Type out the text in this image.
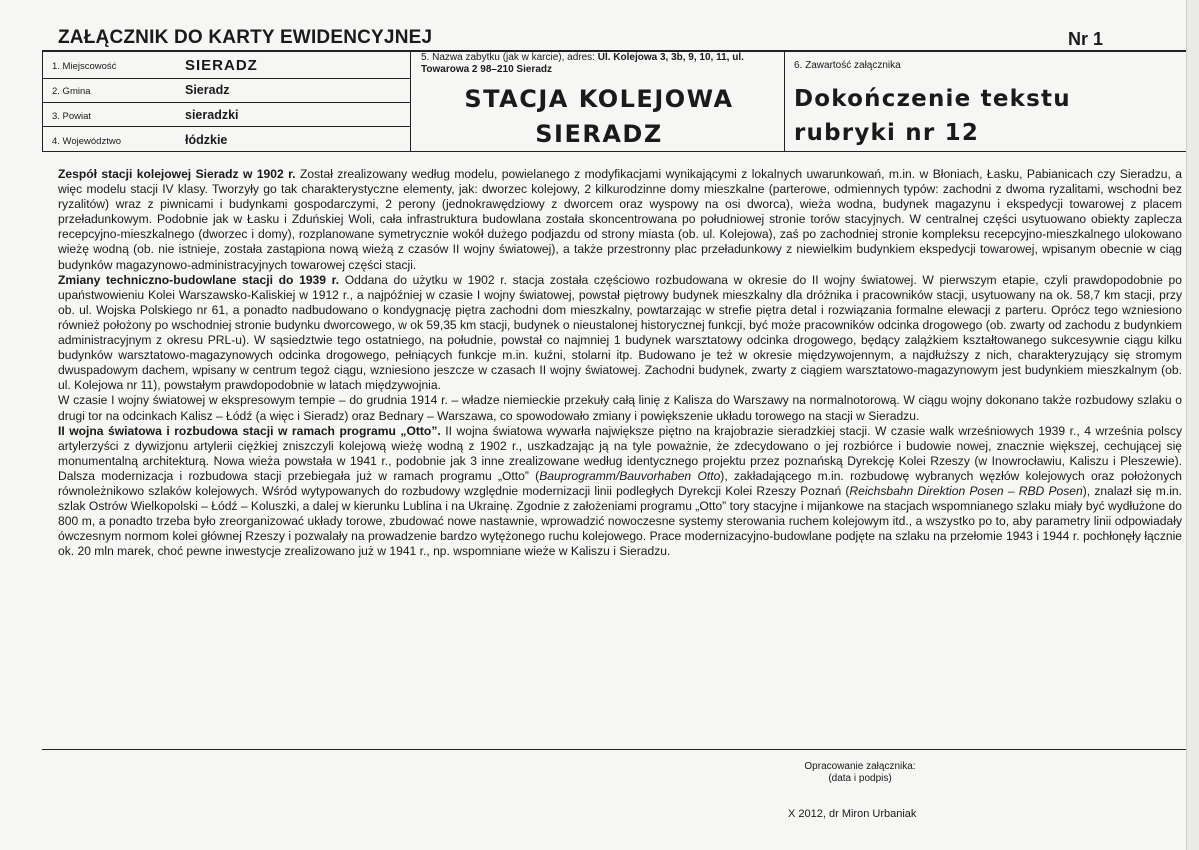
ZAŁĄCZNIK DO KARTY EWIDENCYJNEJ	Nr 1
1. Miejscowość	SIERADZ
2. Gmina	Sieradz
3. Powiat	sieradzki
4. Województwo	łódzkie
5. Nazwa zabytku (jak w karcie), adres: Ul. Kolejowa 3, 3b, 9, 10, 11, ul. Towarowa 2 98–210 Sieradz
STACJA KOLEJOWA
SIERADZ
6. Zawartość załącznika
Dokończenie tekstu
rubryki nr 12

Zespół stacji kolejowej Sieradz w 1902 r. Został zrealizowany według modelu, powielanego z modyfikacjami wynikającymi z lokalnych uwarunkowań, m.in. w Błoniach, Łasku, Pabianicach czy Sieradzu, a więc modelu stacji IV klasy. Tworzyły go tak charakterystyczne elementy, jak: dworzec kolejowy, 2 kilkurodzinne domy mieszkalne (parterowe, odmiennych typów: zachodni z dwoma ryzalitami, wschodni bez ryzalitów) wraz z piwnicami i budynkami gospodarczymi, 2 perony (jednokrawędziowy z dworcem oraz wyspowy na osi dworca), wieża wodna, budynek magazynu i ekspedycji towarowej z placem przeładunkowym. Podobnie jak w Łasku i Zduńskiej Woli, cała infrastruktura budowlana została skoncentrowana po południowej stronie torów stacyjnych. W centralnej części usytuowano obiekty zaplecza recepcyjno-mieszkalnego (dworzec i domy), rozplanowane symetrycznie wokół dużego podjazdu od strony miasta (ob. ul. Kolejowa), zaś po zachodniej stronie kompleksu recepcyjno-mieszkalnego ulokowano wieżę wodną (ob. nie istnieje, została zastąpiona nową wieżą z czasów II wojny światowej), a także przestronny plac przeładunkowy z niewielkim budynkiem ekspedycji towarowej, wpisanym obecnie w ciąg budynków magazynowo-administracyjnych towarowej części stacji.

Zmiany techniczno-budowlane stacji do 1939 r. Oddana do użytku w 1902 r. stacja została częściowo rozbudowana w okresie do II wojny światowej. W pierwszym etapie, czyli prawdopodobnie po upaństwowieniu Kolei Warszawsko-Kaliskiej w 1912 r., a najpóźniej w czasie I wojny światowej, powstał piętrowy budynek mieszkalny dla dróżnika i pracowników stacji, usytuowany na ok. 58,7 km stacji, przy ob. ul. Wojska Polskiego nr 61, a ponadto nadbudowano o kondygnację piętra zachodni dom mieszkalny, powtarzając w strefie piętra detal i rozwiązania formalne elewacji z parteru. Oprócz tego wzniesiono również położony po wschodniej stronie budynku dworcowego, w ok 59,35 km stacji, budynek o nieustalonej historycznej funkcji, być może pracowników odcinka drogowego (ob. zwarty od zachodu z budynkiem administracyjnym z okresu PRL-u). W sąsiedztwie tego ostatniego, na południe, powstał co najmniej 1 budynek warsztatowy odcinka drogowego, będący zalążkiem kształtowanego sukcesywnie ciągu kilku budynków warsztatowo-magazynowych odcinka drogowego, pełniących funkcje m.in. kuźni, stolarni itp. Budowano je też w okresie międzywojennym, a najdłuższy z nich, charakteryzujący się stromym dwuspadowym dachem, wpisany w centrum tegoż ciągu, wzniesiono jeszcze w czasach II wojny światowej. Zachodni budynek, zwarty z ciągiem warsztatowo-magazynowym jest budynkiem mieszkalnym (ob. ul. Kolejowa nr 11), powstałym prawdopodobnie w latach międzywojnia.

W czasie I wojny światowej w ekspresowym tempie – do grudnia 1914 r. – władze niemieckie przekuły całą linię z Kalisza do Warszawy na normalnotorową. W ciągu wojny dokonano także rozbudowy szlaku o drugi tor na odcinkach Kalisz – Łódź (a więc i Sieradz) oraz Bednary – Warszawa, co spowodowało zmiany i powiększenie układu torowego na stacji w Sieradzu.

II wojna światowa i rozbudowa stacji w ramach programu „Otto”. II wojna światowa wywarła największe piętno na krajobrazie sieradzkiej stacji. W czasie walk wrześniowych 1939 r., 4 września polscy artylerzyści z dywizjonu artylerii ciężkiej zniszczyli kolejową wieżę wodną z 1902 r., uszkadzając ją na tyle poważnie, że zdecydowano o jej rozbiórce i budowie nowej, znacznie większej, cechującej się monumentalną architekturą. Nowa wieża powstała w 1941 r., podobnie jak 3 inne zrealizowane według identycznego projektu przez poznańską Dyrekcję Kolei Rzeszy (w Inowrocławiu, Kaliszu i Pleszewie). Dalsza modernizacja i rozbudowa stacji przebiegała już w ramach programu „Otto” (Bauprogramm/Bauvorhaben Otto), zakładającego m.in. rozbudowę wybranych węzłów kolejowych oraz położonych równoleżnikowo szlaków kolejowych. Wśród wytypowanych do rozbudowy względnie modernizacji linii podległych Dyrekcji Kolei Rzeszy Poznań (Reichsbahn Direktion Posen – RBD Posen), znalazł się m.in. szlak Ostrów Wielkopolski – Łódź – Koluszki, a dalej w kierunku Lublina i na Ukrainę. Zgodnie z założeniami programu „Otto” tory stacyjne i mijankowe na stacjach wspomnianego szlaku miały być wydłużone do 800 m, a ponadto trzeba było zreorganizować układy torowe, zbudować nowe nastawnie, wprowadzić nowoczesne systemy sterowania ruchem kolejowym itd., a wszystko po to, aby parametry linii odpowiadały ówczesnym normom kolei głównej Rzeszy i pozwalały na prowadzenie bardzo wytężonego ruchu kolejowego. Prace modernizacyjno-budowlane podjęte na szlaku na przełomie 1943 i 1944 r. pochłonęły łącznie ok. 20 mln marek, choć pewne inwestycje zrealizowano już w 1941 r., np. wspomniane wieże w Kaliszu i Sieradzu.

Opracowanie załącznika:
(data i podpis)
X 2012, dr Miron Urbaniak
